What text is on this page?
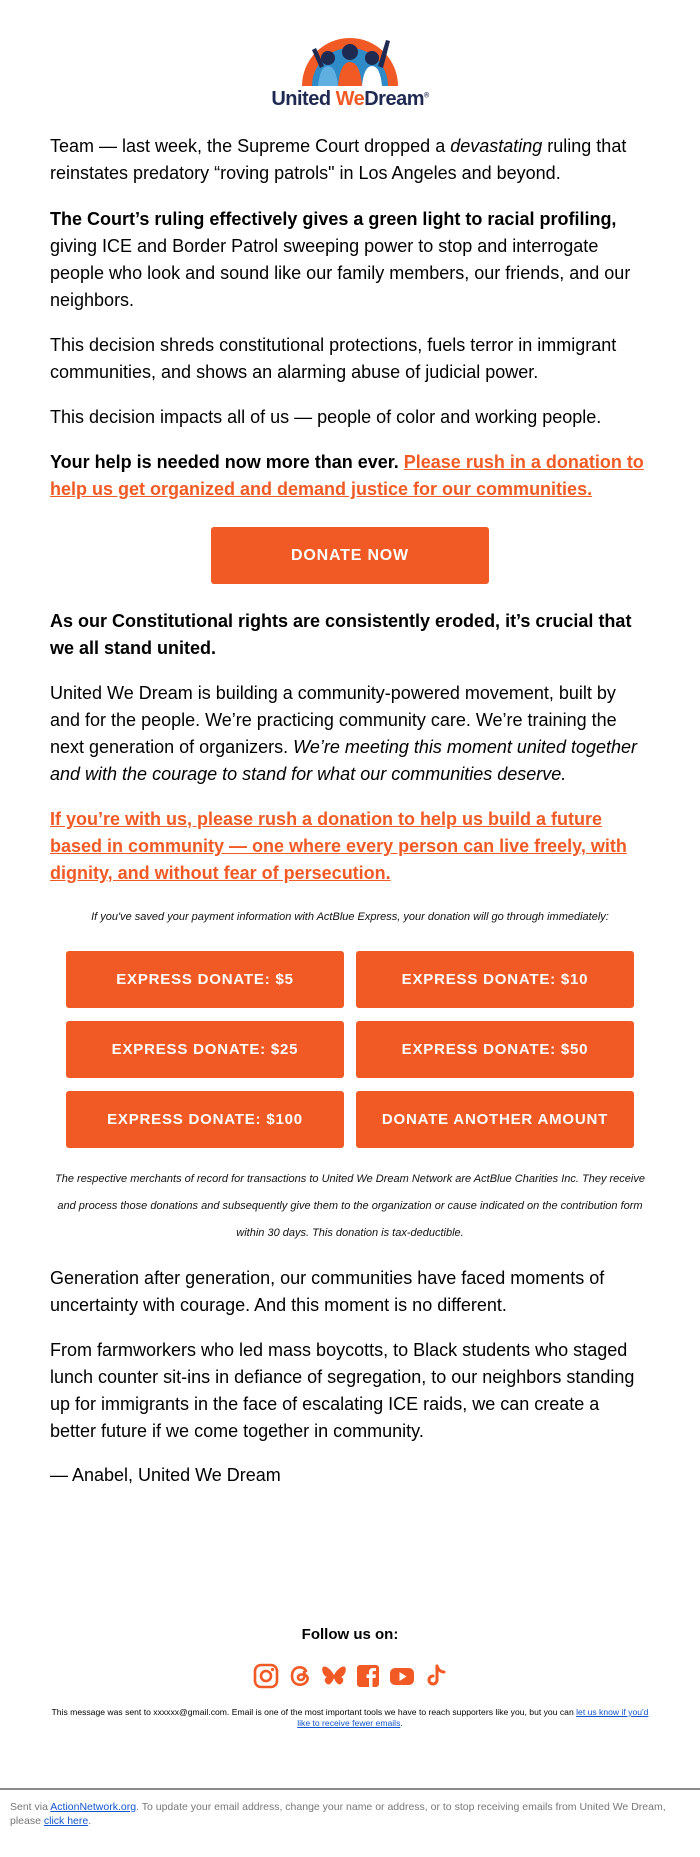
United WeDream®

Team — last week, the Supreme Court dropped a devastating ruling that reinstates predatory “roving patrols" in Los Angeles and beyond.

The Court’s ruling effectively gives a green light to racial profiling, giving ICE and Border Patrol sweeping power to stop and interrogate people who look and sound like our family members, our friends, and our neighbors.

This decision shreds constitutional protections, fuels terror in immigrant communities, and shows an alarming abuse of judicial power.

This decision impacts all of us — people of color and working people.

Your help is needed now more than ever. Please rush in a donation to help us get organized and demand justice for our communities.

DONATE NOW

As our Constitutional rights are consistently eroded, it’s crucial that we all stand united.

United We Dream is building a community-powered movement, built by and for the people. We’re practicing community care. We’re training the next generation of organizers. We’re meeting this moment united together and with the courage to stand for what our communities deserve.

If you’re with us, please rush a donation to help us build a future based in community — one where every person can live freely, with dignity, and without fear of persecution.

If you've saved your payment information with ActBlue Express, your donation will go through immediately:
EXPRESS DONATE: $5	EXPRESS DONATE: $10
EXPRESS DONATE: $25	EXPRESS DONATE: $50
EXPRESS DONATE: $100	DONATE ANOTHER AMOUNT
The respective merchants of record for transactions to United We Dream Network are ActBlue Charities Inc. They receive and process those donations and subsequently give them to the organization or cause indicated on the contribution form within 30 days. This donation is tax-deductible.

Generation after generation, our communities have faced moments of uncertainty with courage. And this moment is no different.

From farmworkers who led mass boycotts, to Black students who staged lunch counter sit-ins in defiance of segregation, to our neighbors standing up for immigrants in the face of escalating ICE raids, we can create a better future if we come together in community.

— Anabel, United We Dream

Follow us on:
This message was sent to xxxxxx@gmail.com. Email is one of the most important tools we have to reach supporters like you, but you can let us know if you'd like to receive fewer emails.
Sent via ActionNetwork.org. To update your email address, change your name or address, or to stop receiving emails from United We Dream, please click here.
